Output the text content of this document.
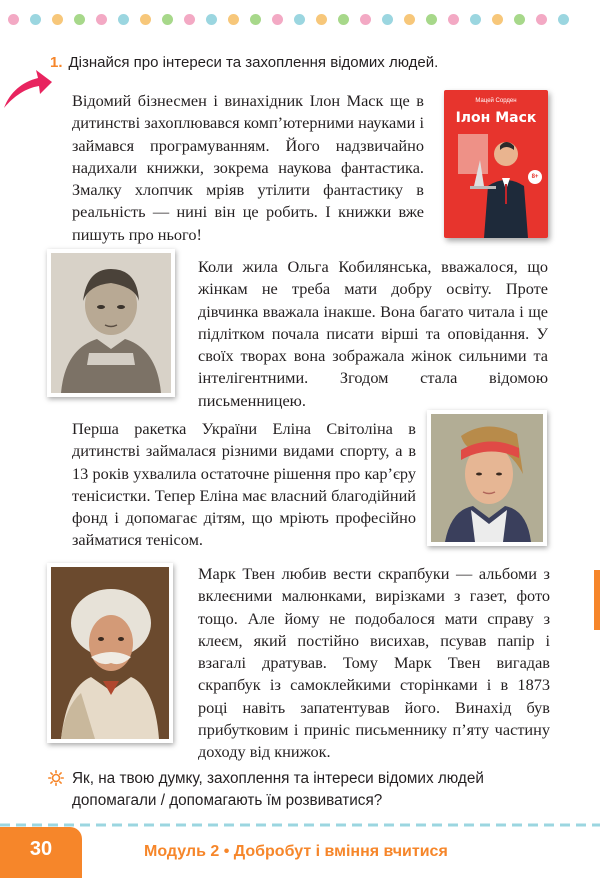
1. Дізнайся про інтереси та захоплення відомих людей.

Відомий бізнесмен і винахідник Ілон Маск ще в дитинстві захоплювався комп’ютерними науками і займався програмуванням. Його надзвичайно надихали книжки, зокрема наукова фантастика. Змалку хлопчик мріяв утілити фантастику в реальність — нині він це робить. І книжки вже пишуть про нього!

Мацей Сорден
Ілон Маск
8+

Коли жила Ольга Кобилянська, вважалося, що жінкам не треба мати добру освіту. Проте дівчинка вважала інакше. Вона багато читала і ще підлітком почала писати вірші та оповідання. У своїх творах вона зображала жінок сильними та інтелігентними. Згодом стала відомою письменницею.

Перша ракетка України Еліна Світоліна в дитинстві займалася різними видами спорту, а в 13 років ухвалила остаточне рішення про кар’єру тенісистки. Тепер Еліна має власний благодійний фонд і допомагає дітям, що мріють професійно займатися тенісом.

Марк Твен любив вести скрапбуки — альбоми з вклеєними малюнками, вирізками з газет, фото тощо. Але йому не подобалося мати справу з клеєм, який постійно висихав, псував папір і взагалі дратував. Тому Марк Твен вигадав скрапбук із самоклейкими сторінками і в 1873 році навіть запатентував його. Винахід був прибутковим і приніс письменнику п’яту частину доходу від книжок.

Як, на твою думку, захоплення та інтереси відомих людей допомагали / допомагають їм розвиватися?
30	Модуль 2 • Добробут і вміння вчитися
